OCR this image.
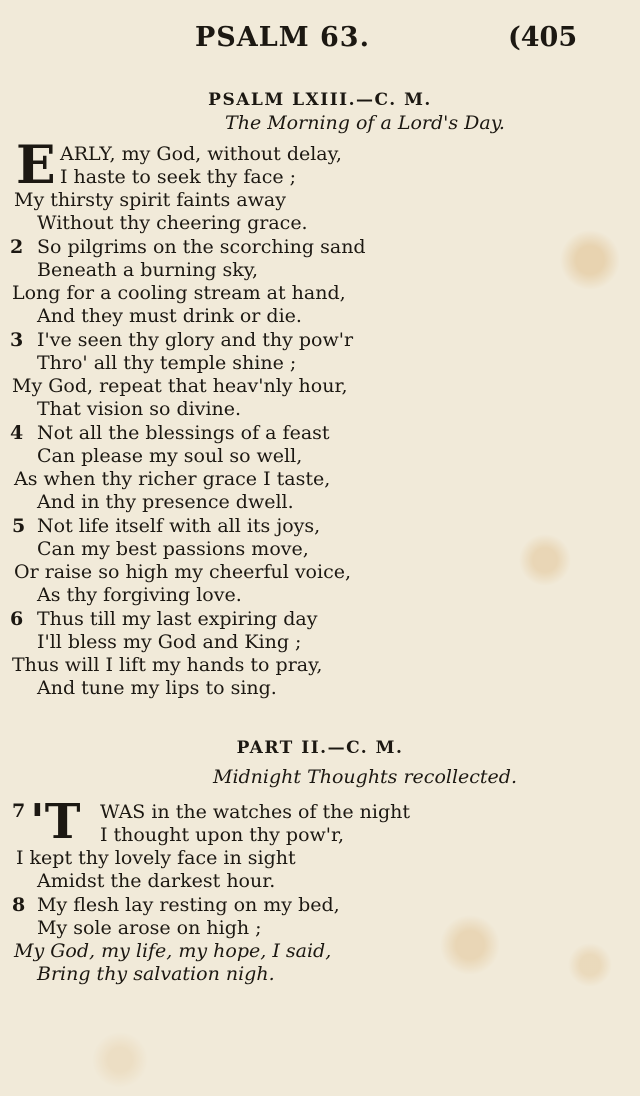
PSALM 63.	(405
PSALM LXIII.—C. M.
The Morning of a Lord's Day.
E ARLY, my God, without delay,
I haste to seek thy face ;
My thirsty spirit faints away
Without thy cheering grace.
2 So pilgrims on the scorching sand
Beneath a burning sky,
Long for a cooling stream at hand,
And they must drink or die.
3 I've seen thy glory and thy pow'r
Thro' all thy temple shine ;
My God, repeat that heav'nly hour,
That vision so divine.
4 Not all the blessings of a feast
Can please my soul so well,
As when thy richer grace I taste,
And in thy presence dwell.
5 Not life itself with all its joys,
Can my best passions move,
Or raise so high my cheerful voice,
As thy forgiving love.
6 Thus till my last expiring day
I'll bless my God and King ;
Thus will I lift my hands to pray,
And tune my lips to sing.
PART II.—C. M.
Midnight Thoughts recollected.
7 'T WAS in the watches of the night
I thought upon thy pow'r,
I kept thy lovely face in sight
Amidst the darkest hour.
8 My flesh lay resting on my bed,
My sole arose on high ;
My God, my life, my hope, I said,
Bring thy salvation nigh.
